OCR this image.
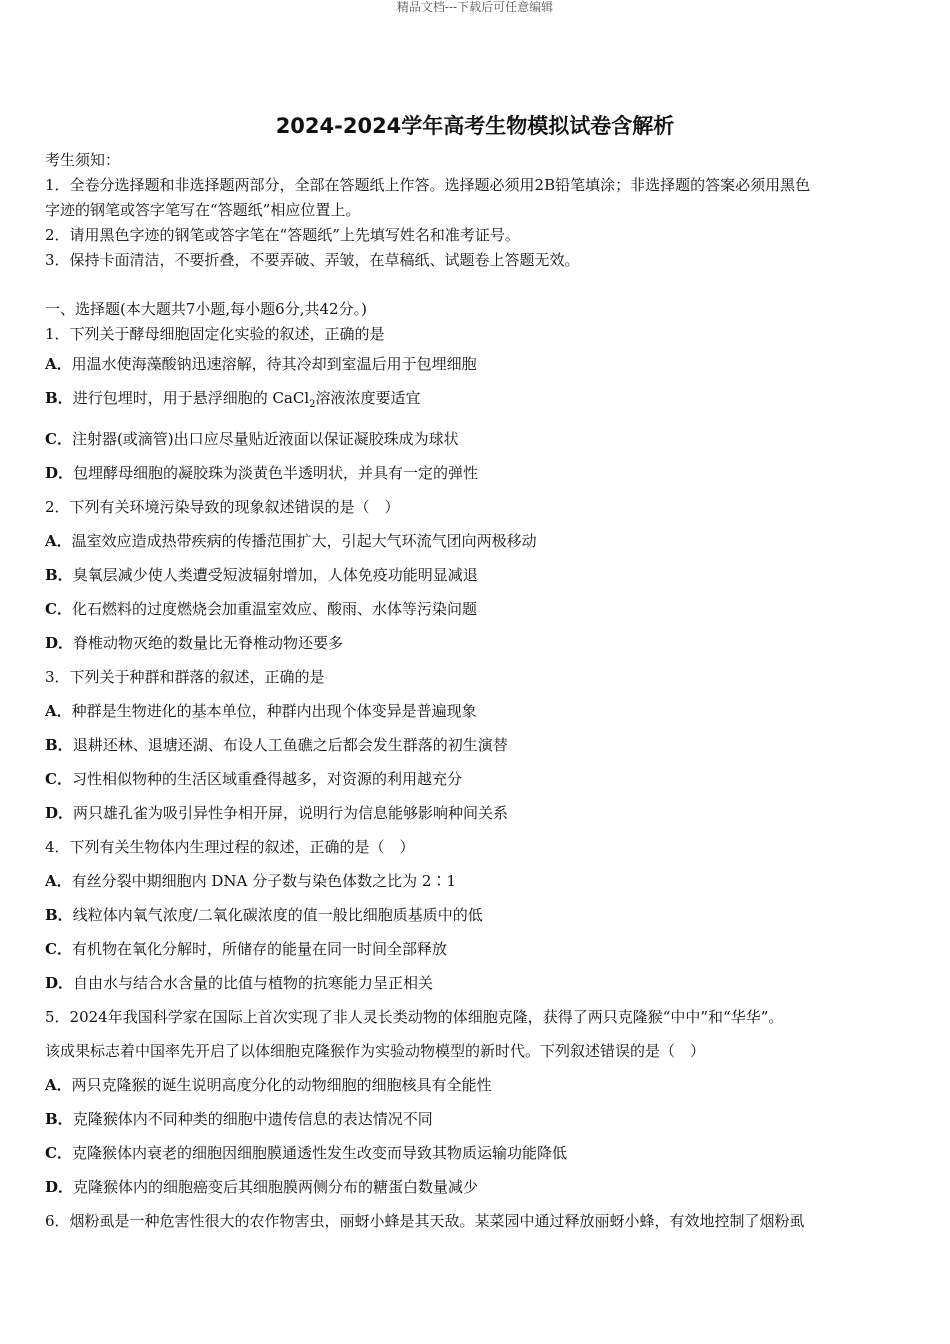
精品文档---下载后可任意编辑
2024-2024学年高考生物模拟试卷含解析
考生须知：
1．全卷分选择题和非选择题两部分，全部在答题纸上作答。选择题必须用2B铅笔填涂；非选择题的答案必须用黑色
字迹的钢笔或答字笔写在“答题纸”相应位置上。
2．请用黑色字迹的钢笔或答字笔在“答题纸”上先填写姓名和准考证号。
3．保持卡面清洁，不要折叠，不要弄破、弄皱，在草稿纸、试题卷上答题无效。
一、选择题(本大题共7小题,每小题6分,共42分。)
1．下列关于酵母细胞固定化实验的叙述，正确的是
A．用温水使海藻酸钠迅速溶解，待其冷却到室温后用于包埋细胞
B．进行包埋时，用于悬浮细胞的 CaCl$_2$溶液浓度要适宜
C．注射器(或滴管)出口应尽量贴近液面以保证凝胶珠成为球状
D．包埋酵母细胞的凝胶珠为淡黄色半透明状，并具有一定的弹性
2．下列有关环境污染导致的现象叙述错误的是（　）
A．温室效应造成热带疾病的传播范围扩大，引起大气环流气团向两极移动
B．臭氧层减少使人类遭受短波辐射增加，人体免疫功能明显减退
C．化石燃料的过度燃烧会加重温室效应、酸雨、水体等污染问题
D．脊椎动物灭绝的数量比无脊椎动物还要多
3．下列关于种群和群落的叙述，正确的是
A．种群是生物进化的基本单位，种群内出现个体变异是普遍现象
B．退耕还林、退塘还湖、布设人工鱼礁之后都会发生群落的初生演替
C．习性相似物种的生活区域重叠得越多，对资源的利用越充分
D．两只雄孔雀为吸引异性争相开屏，说明行为信息能够影响种间关系
4．下列有关生物体内生理过程的叙述，正确的是（　）
A．有丝分裂中期细胞内 DNA 分子数与染色体数之比为 2∶1
B．线粒体内氧气浓度/二氧化碳浓度的值一般比细胞质基质中的低
C．有机物在氧化分解时，所储存的能量在同一时间全部释放
D．自由水与结合水含量的比值与植物的抗寒能力呈正相关
5．2024年我国科学家在国际上首次实现了非人灵长类动物的体细胞克隆，获得了两只克隆猴“中中”和“华华”。
该成果标志着中国率先开启了以体细胞克隆猴作为实验动物模型的新时代。下列叙述错误的是（　）
A．两只克隆猴的诞生说明高度分化的动物细胞的细胞核具有全能性
B．克隆猴体内不同种类的细胞中遗传信息的表达情况不同
C．克隆猴体内衰老的细胞因细胞膜通透性发生改变而导致其物质运输功能降低
D．克隆猴体内的细胞癌变后其细胞膜两侧分布的糖蛋白数量减少
6．烟粉虱是一种危害性很大的农作物害虫，丽蚜小蜂是其天敌。某菜园中通过释放丽蚜小蜂，有效地控制了烟粉虱
